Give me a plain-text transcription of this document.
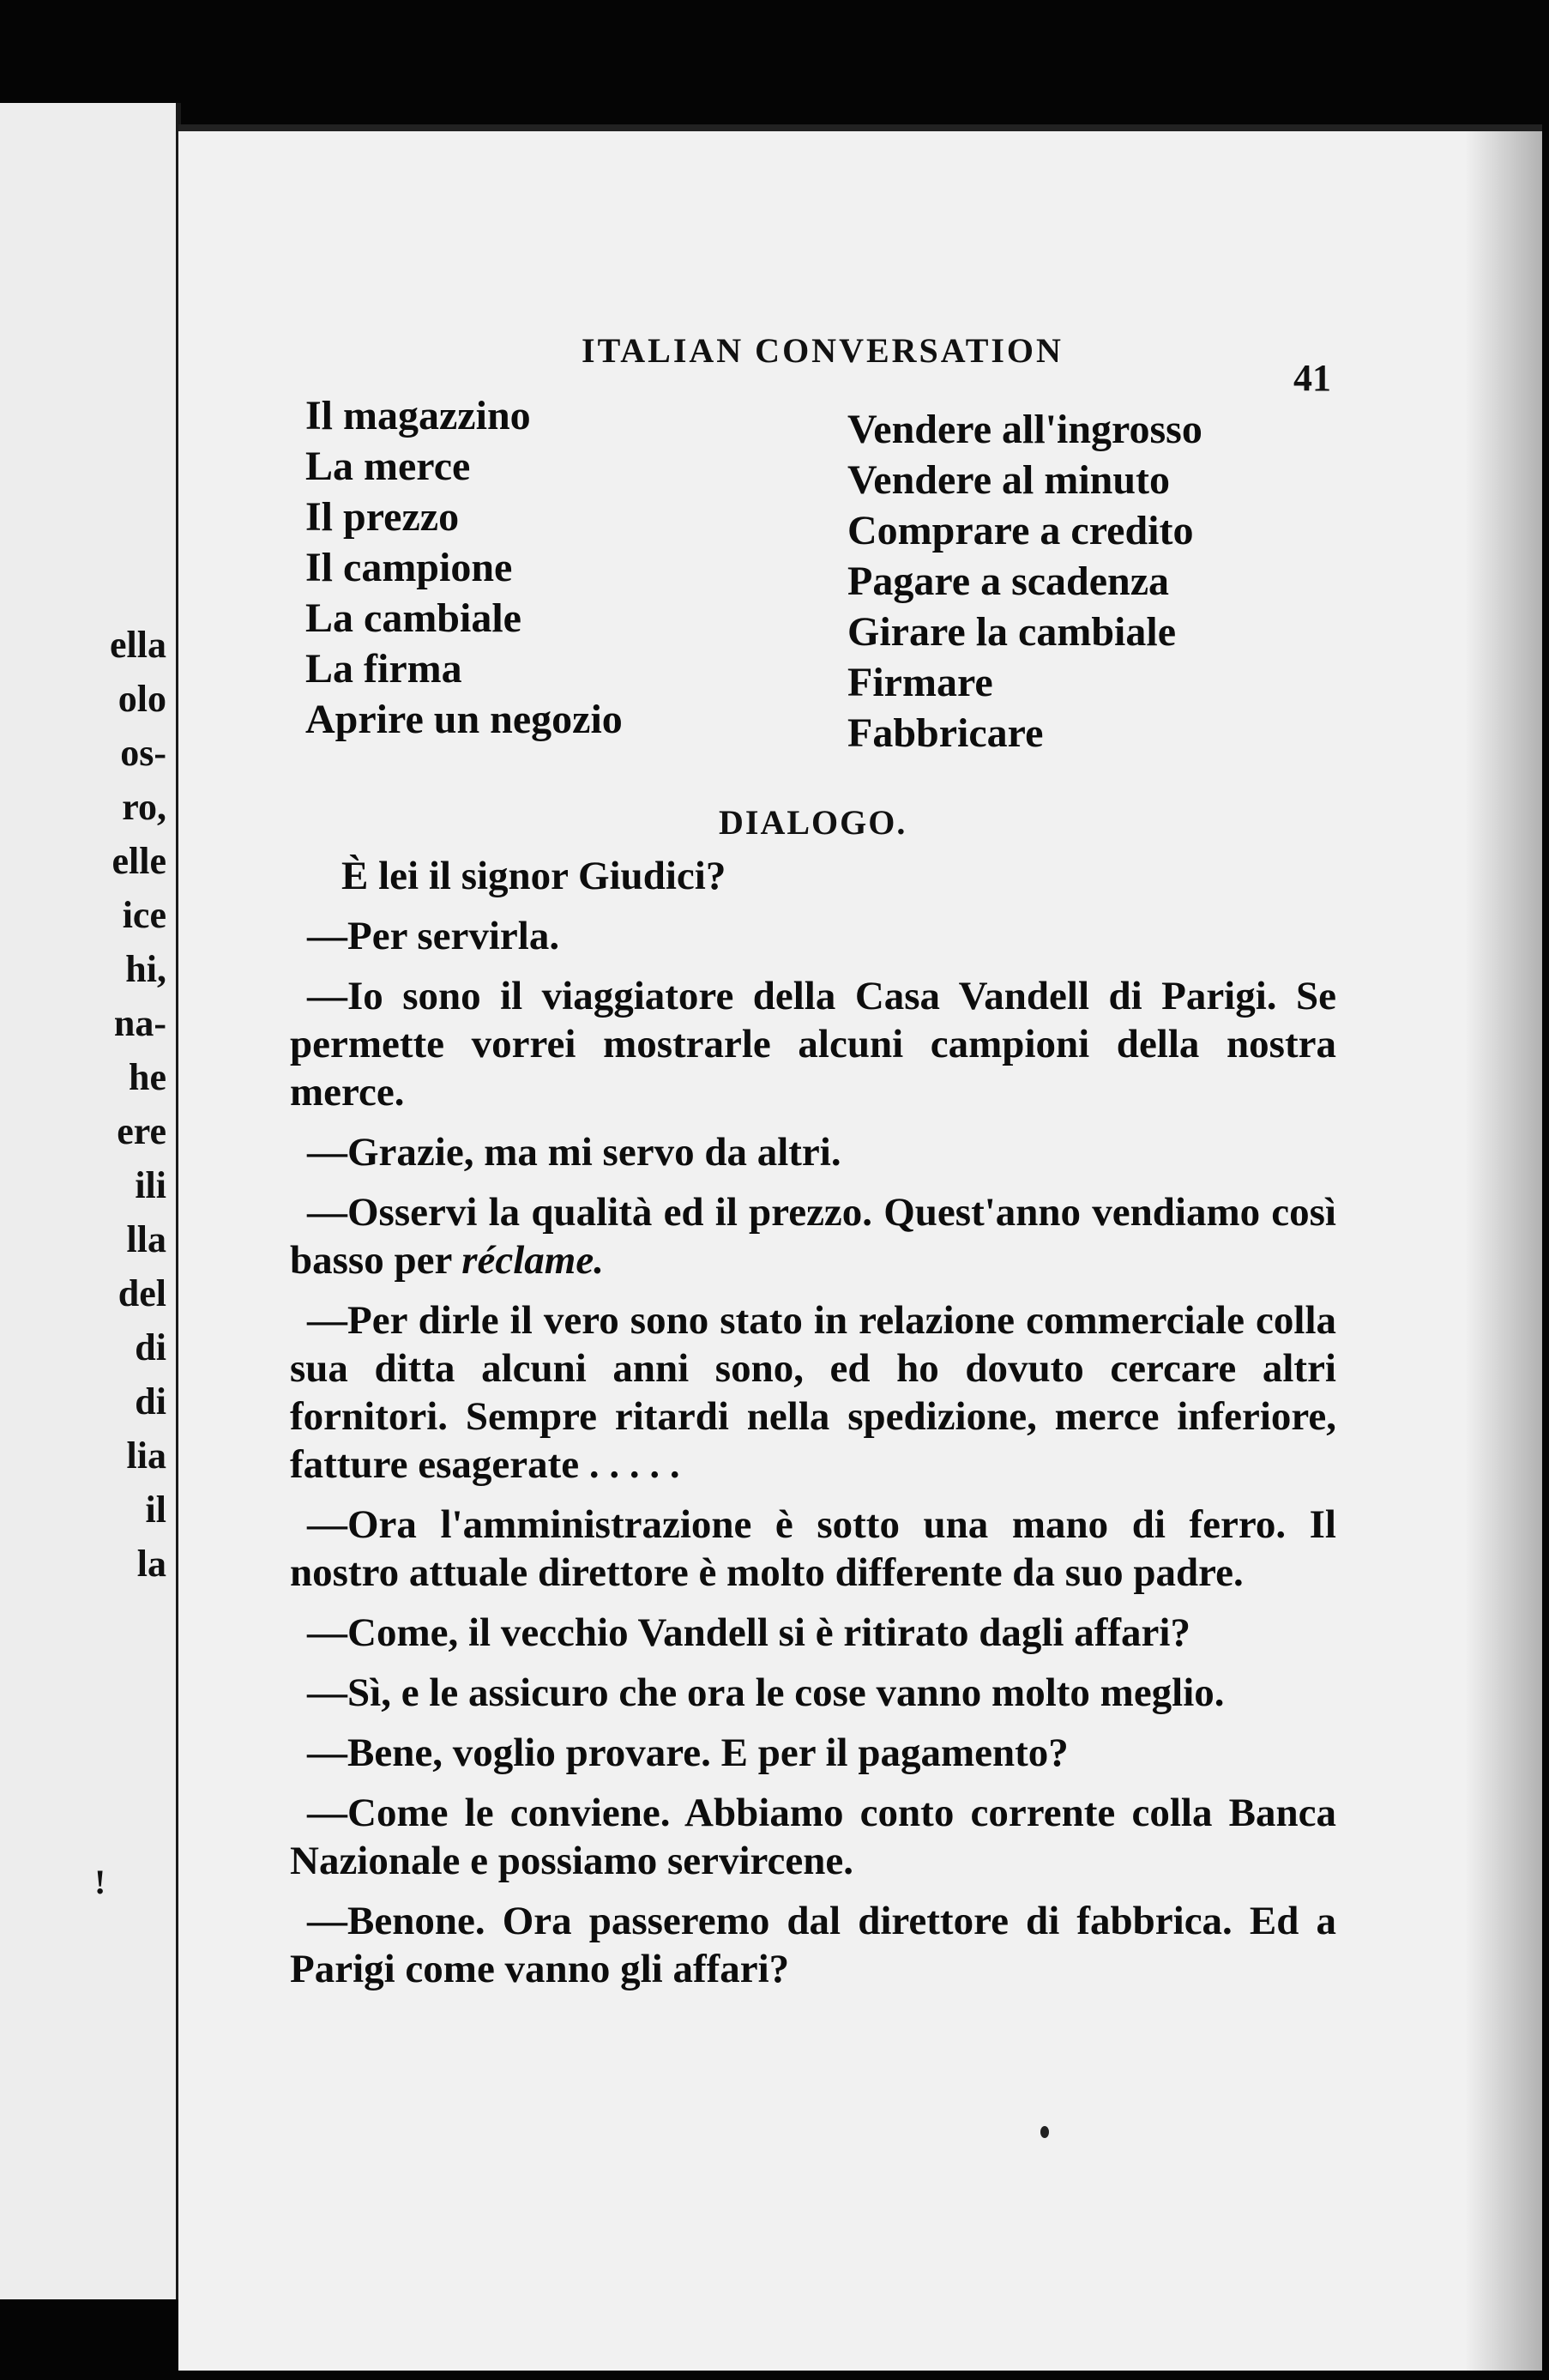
ella
olo
os-
ro,
elle
ice
hi,
na-
he
ere
ili
lla
del
di
di
lia
il
la
!
ITALIAN CONVERSATION
41
Il magazzino
La merce
Il prezzo
Il campione
La cambiale
La firma
Aprire un negozio
Vendere all'ingrosso
Vendere al minuto
Comprare a credito
Pagare a scadenza
Girare la cambiale
Firmare
Fabbricare
DIALOGO.

È lei il signor Giudici?

—Per servirla.

—Io sono il viaggiatore della Casa Vandell di Parigi. Se permette vorrei mostrarle alcuni campioni della nostra merce.

—Grazie, ma mi servo da altri.

—Osservi la qualità ed il prezzo. Quest'anno vendiamo così basso per réclame.

—Per dirle il vero sono stato in relazione commerciale colla sua ditta alcuni anni sono, ed ho dovuto cercare altri fornitori. Sempre ritardi nella spedizione, merce inferiore, fatture esagerate . . . . .

—Ora l'amministrazione è sotto una mano di ferro. Il nostro attuale direttore è molto differente da suo padre.

—Come, il vecchio Vandell si è ritirato dagli affari?

—Sì, e le assicuro che ora le cose vanno molto meglio.

—Bene, voglio provare. E per il pagamento?

—Come le conviene. Abbiamo conto corrente colla Banca Nazionale e possiamo servircene.

—Benone. Ora passeremo dal direttore di fabbrica. Ed a Parigi come vanno gli affari?
